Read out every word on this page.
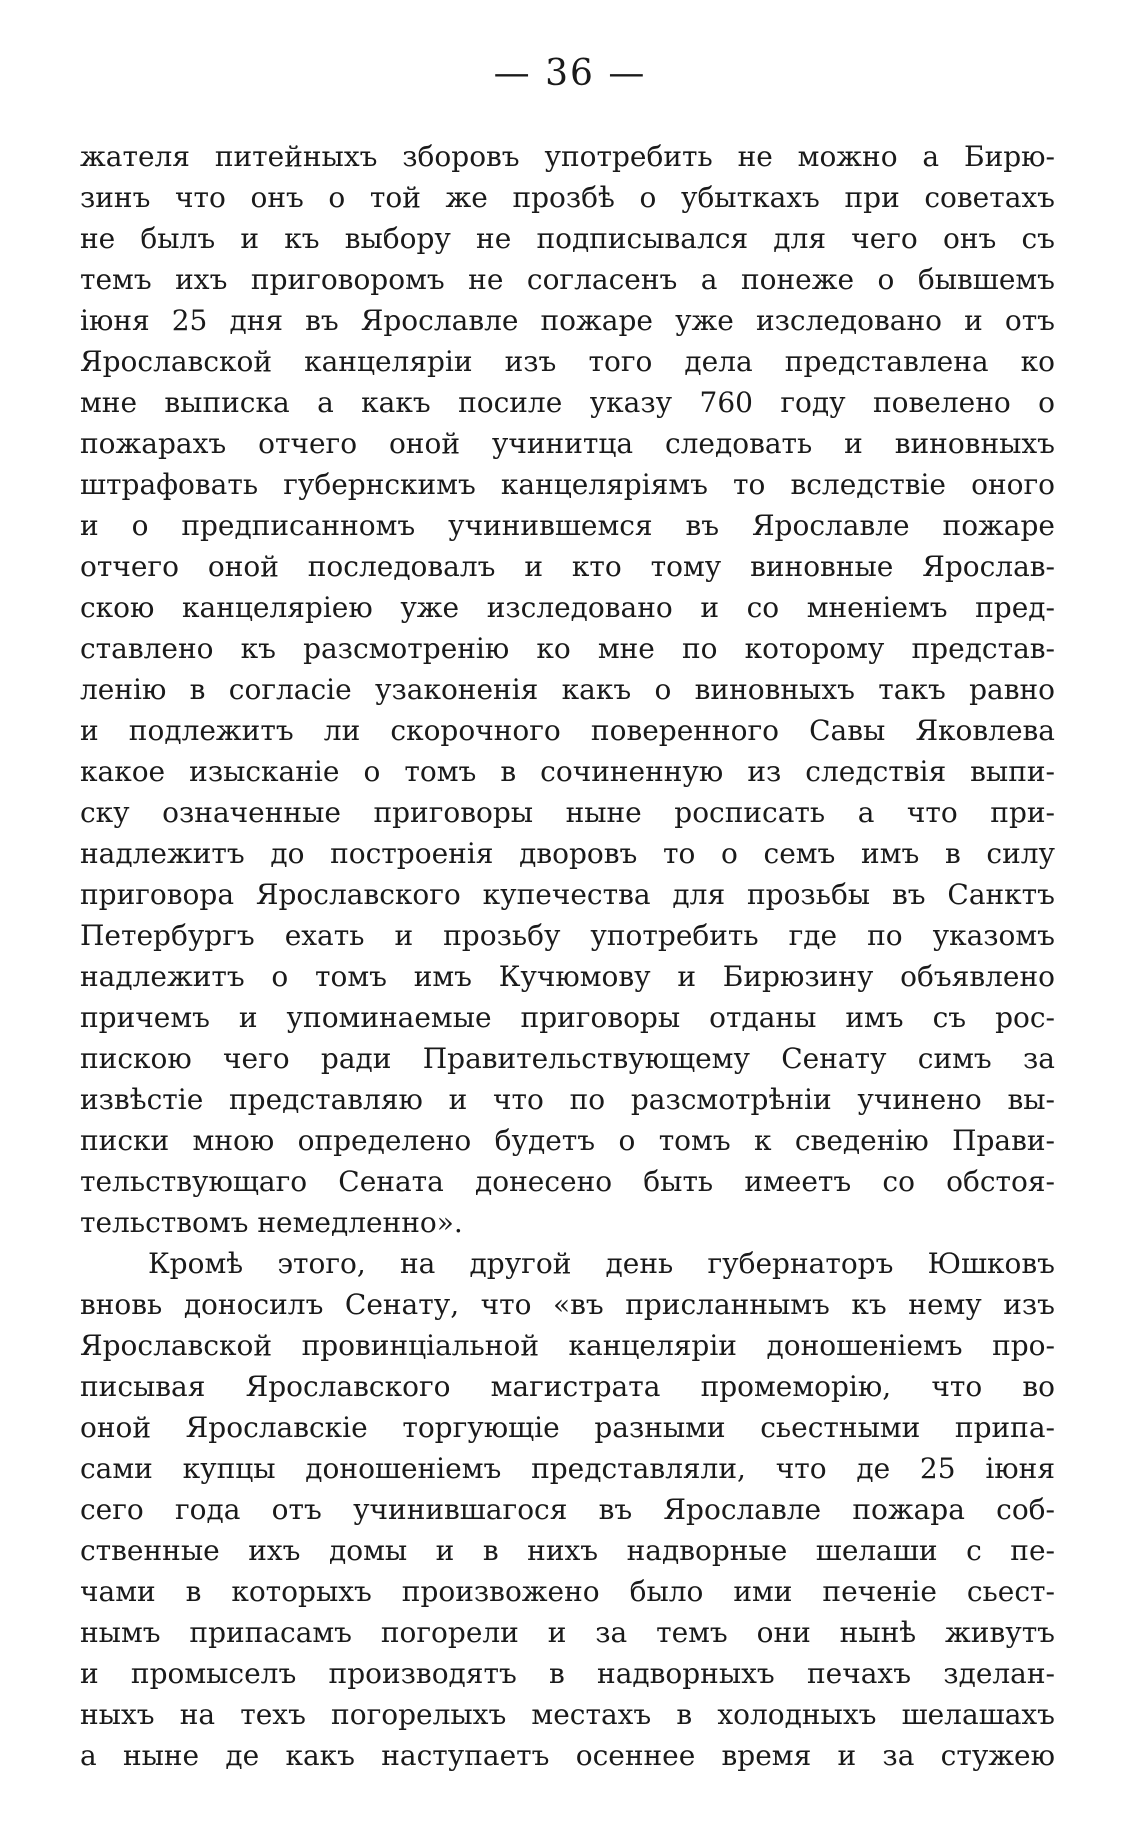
— 36 —
жателя питейныхъ зборовъ употребить не можно а Бирю-
зинъ что онъ о той же прозбѣ о убыткахъ при советахъ
не былъ и къ выбору не подписывался для чего онъ съ
темъ ихъ приговоромъ не согласенъ а понеже о бывшемъ
іюня 25 дня въ Ярославле пожаре уже изследовано и отъ
Ярославской канцеляріи изъ того дела представлена ко
мне выписка а какъ посиле указу 760 году повелено о
пожарахъ отчего оной учинитца следовать и виновныхъ
штрафовать губернскимъ канцеляріямъ то вследствіе оного
и о предписанномъ учинившемся въ Ярославле пожаре
отчего оной последовалъ и кто тому виновные Ярослав-
скою канцеляріею уже изследовано и со мненіемъ пред-
ставлено къ разсмотренію ко мне по которому представ-
ленію в согласіе узаконенія какъ о виновныхъ такъ равно
и подлежитъ ли скорочного поверенного Савы Яковлева
какое изысканіе о томъ в сочиненную из следствія выпи-
ску означенные приговоры ныне росписать а что при-
надлежитъ до построенія дворовъ то о семъ имъ в силу
приговора Ярославского купечества для прозьбы въ Санктъ
Петербургъ ехать и прозьбу употребить где по указомъ
надлежитъ о томъ имъ Кучюмову и Бирюзину объявлено
причемъ и упоминаемые приговоры отданы имъ съ рос-
пискою чего ради Правительствующему Сенату симъ за
извѣстіе представляю и что по разсмотрѣніи учинено вы-
писки мною определено будетъ о томъ к сведенію Прави-
тельствующаго Сената донесено быть имеетъ со обстоя-
тельствомъ немедленно».
Кромѣ этого, на другой день губернаторъ Юшковъ
вновь доносилъ Сенату, что «въ присланнымъ къ нему изъ
Ярославской провинціальной канцеляріи доношеніемъ про-
писывая Ярославского магистрата промеморію, что во
оной Ярославскіе торгующіе разными сьестными припа-
сами купцы доношеніемъ представляли, что де 25 іюня
сего года отъ учинившагося въ Ярославле пожара соб-
ственные ихъ домы и в нихъ надворные шелаши с пе-
чами в которыхъ произвожено было ими печеніе сьест-
нымъ припасамъ погорели и за темъ они нынѣ живутъ
и промыселъ производятъ в надворныхъ печахъ зделан-
ныхъ на техъ погорелыхъ местахъ в холодныхъ шелашахъ
а ныне де какъ наступаетъ осеннее время и за стужею
